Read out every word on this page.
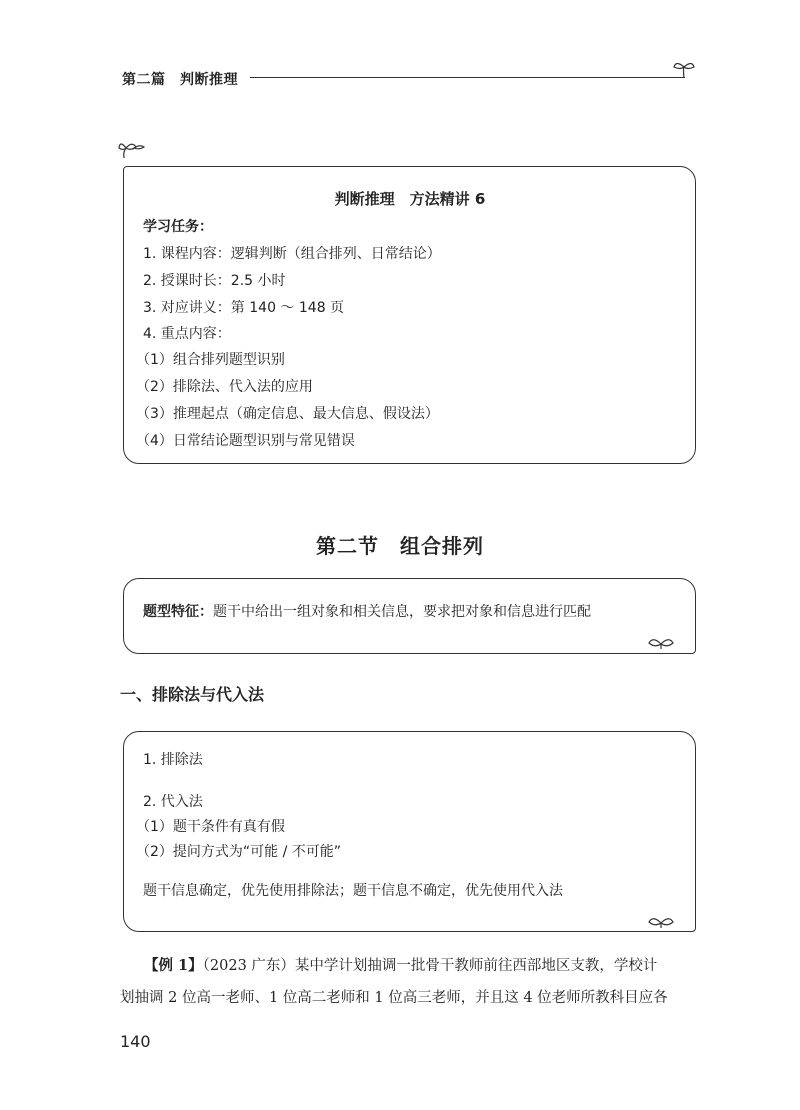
第二篇　判断推理
判断推理　方法精讲 6
学习任务：
1. 课程内容：逻辑判断（组合排列、日常结论）
2. 授课时长：2.5 小时
3. 对应讲义：第 140 ～ 148 页
4. 重点内容：
（1）组合排列题型识别
（2）排除法、代入法的应用
（3）推理起点（确定信息、最大信息、假设法）
（4）日常结论题型识别与常见错误
第二节　组合排列
题型特征：题干中给出一组对象和相关信息，要求把对象和信息进行匹配
一、排除法与代入法
1. 排除法
2. 代入法
（1）题干条件有真有假
（2）提问方式为“可能 / 不可能”
题干信息确定，优先使用排除法；题干信息不确定，优先使用代入法
【例 1】（2023 广东）某中学计划抽调一批骨干教师前往西部地区支教，学校计
划抽调 2 位高一老师、1 位高二老师和 1 位高三老师，并且这 4 位老师所教科目应各
140
